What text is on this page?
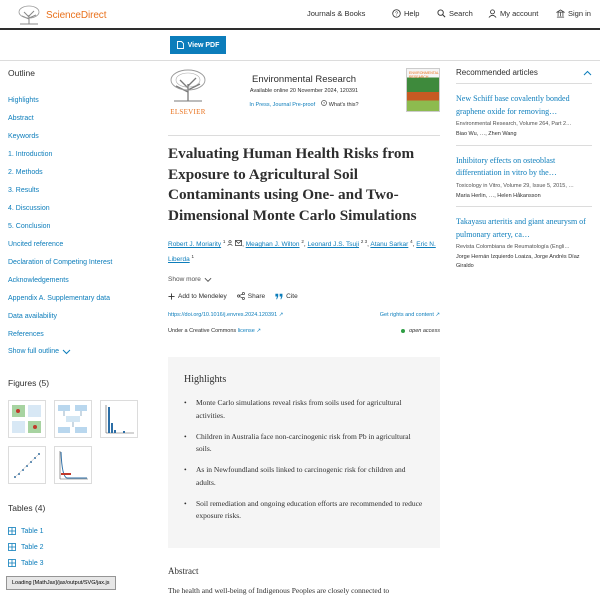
ScienceDirect	Journals & Books	? Help	Search	My account	Sign in
View PDF
Outline
Highlights
Abstract
Keywords
1. Introduction
2. Methods
3. Results
4. Discussion
5. Conclusion
Uncited reference
Declaration of Competing Interest
Acknowledgements
Appendix A. Supplementary data
Data availability
References
Show full outline
Figures (5)
Tables (4)
Table 1
Table 2
Table 3
Loading [MathJax]/jax/output/SVG/jax.js
ELSEVIER
Environmental Research
Available online 20 November 2024, 120391
In Press, Journal Pre-proof ? What's this?
ENVIRONMENTAL RESEARCH
Evaluating Human Health Risks from Exposure to Agricultural Soil Contaminants using One- and Two-Dimensional Monte Carlo Simulations
Robert J. Moriarity $^1$	, Meaghan J. Wilton $^2$, Leonard J.S. Tsuji $^{2 3}$, Atanu Sarkar $^4$, Eric N. Liberda $^1$
Show more
Add to Mendeley	Share	Cite
https://doi.org/10.1016/j.envres.2024.120391 ↗	Get rights and content ↗
Under a Creative Commons license ↗	open access
Highlights
• Monte Carlo simulations reveal risks from soils used for agricultural activities.
• Children in Australia face non-carcinogenic risk from Pb in agricultural soils.
• As in Newfoundland soils linked to carcinogenic risk for children and adults.
• Soil remediation and ongoing education efforts are recommended to reduce exposure risks.
Abstract
The health and well-being of Indigenous Peoples are closely connected to
Recommended articles
New Schiff base covalently bonded graphene oxide for removing…
Environmental Research, Volume 264, Part 2…
Biao Wu, …, Zhen Wang
Inhibitory effects on osteoblast differentiation in vitro by the…
Toxicology in Vitro, Volume 29, Issue 5, 2015, …
Maria Herlin, …, Helen Håkansson
Takayasu arteritis and giant aneurysm of pulmonary artery, ca…
Revista Colombiana de Reumatología (Engli…
Jorge Hernán Izquierdo Loaiza, Jorge Andrés Díaz Giraldo
